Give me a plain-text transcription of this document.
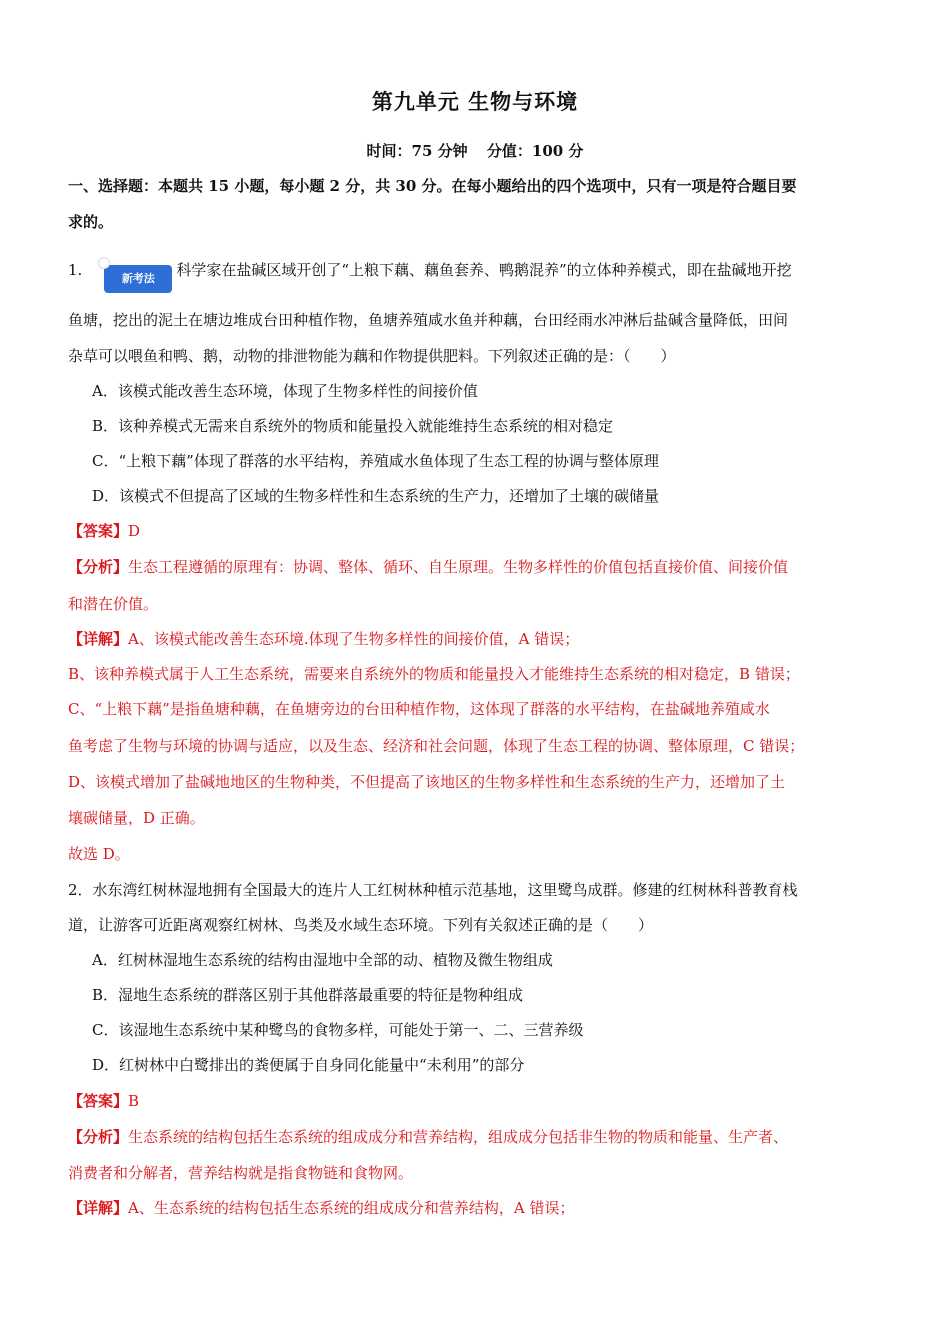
第九单元 生物与环境
时间：75 分钟 分值：100 分
一、选择题：本题共 15 小题，每小题 2 分，共 30 分。在每小题给出的四个选项中，只有一项是符合题目要
求的。
1.	新考法 科学家在盐碱区域开创了“上粮下藕、藕鱼套养、鸭鹅混养”的立体种养模式，即在盐碱地开挖
鱼塘，挖出的泥土在塘边堆成台田种植作物，鱼塘养殖咸水鱼并种藕，台田经雨水冲淋后盐碱含量降低，田间
杂草可以喂鱼和鸭、鹅，动物的排泄物能为藕和作物提供肥料。下列叙述正确的是：（　　）
A．该模式能改善生态环境，体现了生物多样性的间接价值
B．该种养模式无需来自系统外的物质和能量投入就能维持生态系统的相对稳定
C．“上粮下藕”体现了群落的水平结构，养殖咸水鱼体现了生态工程的协调与整体原理
D．该模式不但提高了区域的生物多样性和生态系统的生产力，还增加了土壤的碳储量
【答案】D
【分析】生态工程遵循的原理有：协调、整体、循环、自生原理。生物多样性的价值包括直接价值、间接价值
和潜在价值。
【详解】A、该模式能改善生态环境.体现了生物多样性的间接价值，A 错误；
B、该种养模式属于人工生态系统，需要来自系统外的物质和能量投入才能维持生态系统的相对稳定，B 错误；
C、“上粮下藕”是指鱼塘种藕，在鱼塘旁边的台田种植作物，这体现了群落的水平结构，在盐碱地养殖咸水
鱼考虑了生物与环境的协调与适应，以及生态、经济和社会问题，体现了生态工程的协调、整体原理，C 错误；
D、该模式增加了盐碱地地区的生物种类，不但提高了该地区的生物多样性和生态系统的生产力，还增加了土
壤碳储量，D 正确。
故选 D。
2．水东湾红树林湿地拥有全国最大的连片人工红树林种植示范基地，这里鹭鸟成群。修建的红树林科普教育栈
道，让游客可近距离观察红树林、鸟类及水域生态环境。下列有关叙述正确的是（　　）
A．红树林湿地生态系统的结构由湿地中全部的动、植物及微生物组成
B．湿地生态系统的群落区别于其他群落最重要的特征是物种组成
C．该湿地生态系统中某种鹭鸟的食物多样，可能处于第一、二、三营养级
D．红树林中白鹭排出的粪便属于自身同化能量中“未利用”的部分
【答案】B
【分析】生态系统的结构包括生态系统的组成成分和营养结构，组成成分包括非生物的物质和能量、生产者、
消费者和分解者，营养结构就是指食物链和食物网。
【详解】A、生态系统的结构包括生态系统的组成成分和营养结构，A 错误；
